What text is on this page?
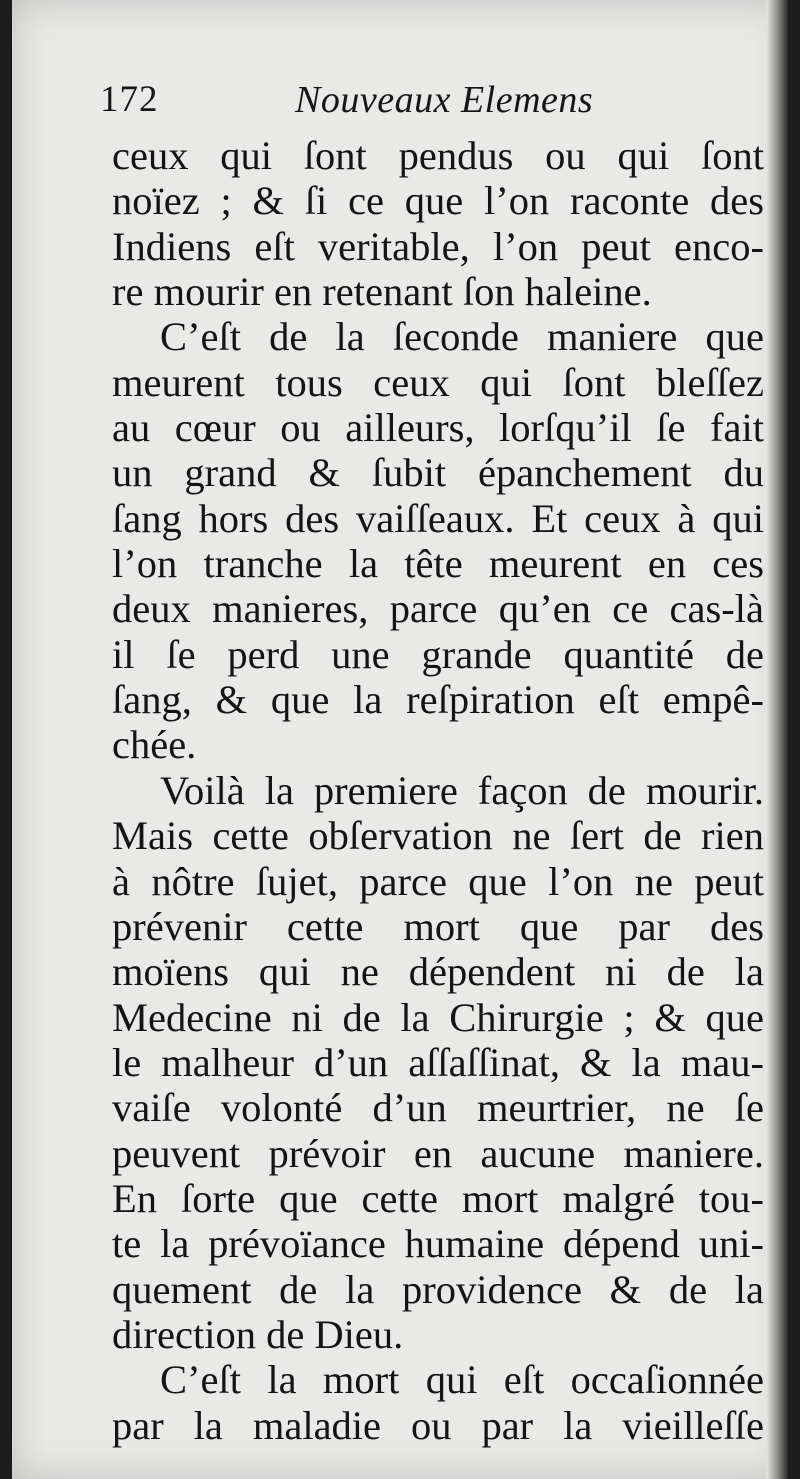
172	Nouveaux Elemens
ceux qui ſont pendus ou qui ſont
noïez ; & ſi ce que l’on raconte des
Indiens eſt veritable, l’on peut enco-
re mourir en retenant ſon haleine.
C’eſt de la ſeconde maniere que
meurent tous ceux qui ſont bleſſez
au cœur ou ailleurs, lorſqu’il ſe fait
un grand & ſubit épanchement du
ſang hors des vaiſſeaux. Et ceux à qui
l’on tranche la tête meurent en ces
deux manieres, parce qu’en ce cas-là
il ſe perd une grande quantité de
ſang, & que la reſpiration eſt empê-
chée.
Voilà la premiere façon de mourir.
Mais cette obſervation ne ſert de rien
à nôtre ſujet, parce que l’on ne peut
prévenir cette mort que par des
moïens qui ne dépendent ni de la
Medecine ni de la Chirurgie ; & que
le malheur d’un aſſaſſinat, & la mau-
vaiſe volonté d’un meurtrier, ne ſe
peuvent prévoir en aucune maniere.
En ſorte que cette mort malgré tou-
te la prévoïance humaine dépend uni-
quement de la providence & de la
direction de Dieu.
C’eſt la mort qui eſt occaſionnée
par la maladie ou par la vieilleſſe
